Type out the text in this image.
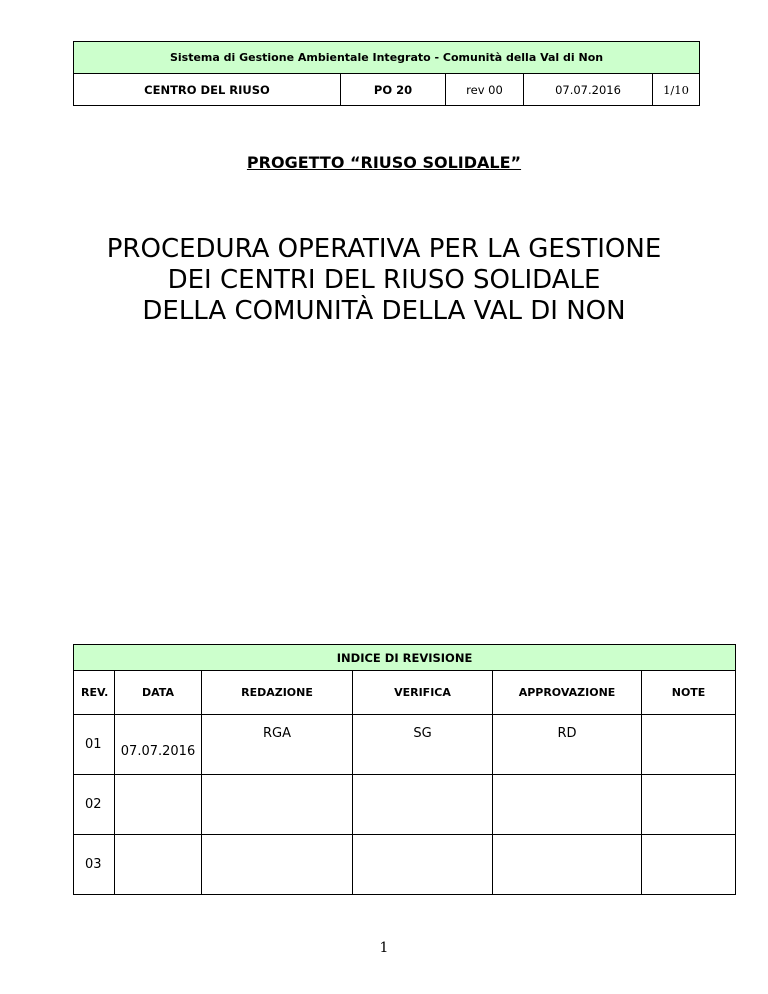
Sistema di Gestione Ambientale Integrato - Comunità della Val di Non
CENTRO DEL RIUSO	PO 20	rev 00	07.07.2016	1/10
PROGETTO “RIUSO SOLIDALE”
PROCEDURA OPERATIVA PER LA GESTIONE
DEI CENTRI DEL RIUSO SOLIDALE
DELLA COMUNITÀ DELLA VAL DI NON
INDICE DI REVISIONE					
REV.	DATA	REDAZIONE	VERIFICA	APPROVAZIONE	NOTE
01	07.07.2016	RGA	SG	RD	
02					
03					
1
